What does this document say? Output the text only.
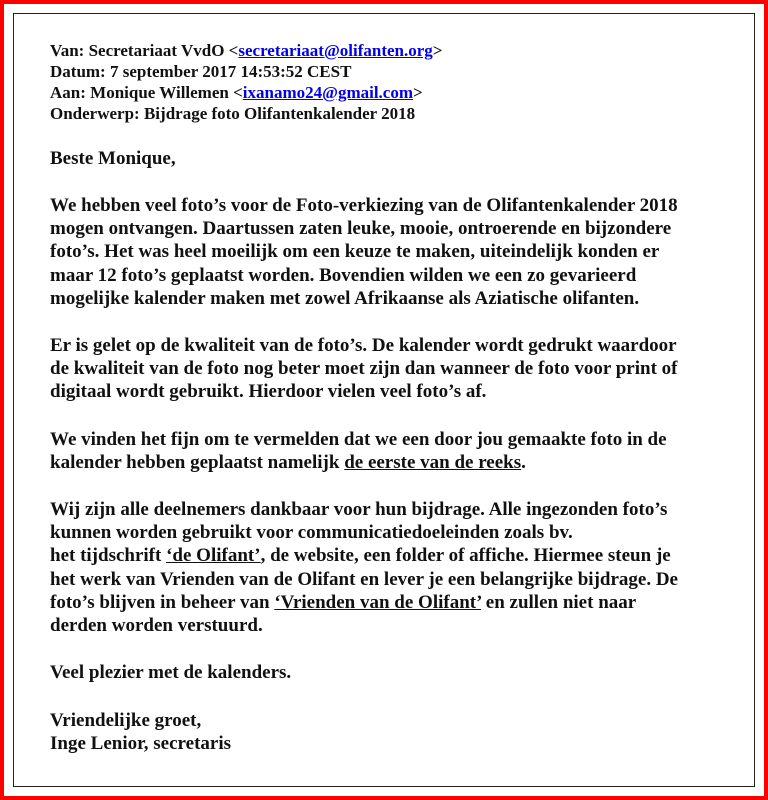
Van: Secretariaat VvdO <secretariaat@olifanten.org>
Datum: 7 september 2017 14:53:52 CEST
Aan: Monique Willemen <ixanamo24@gmail.com>
Onderwerp: Bijdrage foto Olifantenkalender 2018
Beste Monique,
We hebben veel foto’s voor de Foto-verkiezing van de Olifantenkalender 2018
mogen ontvangen. Daartussen zaten leuke, mooie, ontroerende en bijzondere
foto’s. Het was heel moeilijk om een keuze te maken, uiteindelijk konden er
maar 12 foto’s geplaatst worden. Bovendien wilden we een zo gevarieerd
mogelijke kalender maken met zowel Afrikaanse als Aziatische olifanten.
Er is gelet op de kwaliteit van de foto’s. De kalender wordt gedrukt waardoor
de kwaliteit van de foto nog beter moet zijn dan wanneer de foto voor print of
digitaal wordt gebruikt. Hierdoor vielen veel foto’s af.
We vinden het fijn om te vermelden dat we een door jou gemaakte foto in de
kalender hebben geplaatst namelijk de eerste van de reeks.
Wij zijn alle deelnemers dankbaar voor hun bijdrage. Alle ingezonden foto’s
kunnen worden gebruikt voor communicatiedoeleinden zoals bv.
het tijdschrift ‘de Olifant’, de website, een folder of affiche. Hiermee steun je
het werk van Vrienden van de Olifant en lever je een belangrijke bijdrage. De
foto’s blijven in beheer van ‘Vrienden van de Olifant’ en zullen niet naar
derden worden verstuurd.
Veel plezier met de kalenders.
Vriendelijke groet,
Inge Lenior, secretaris
